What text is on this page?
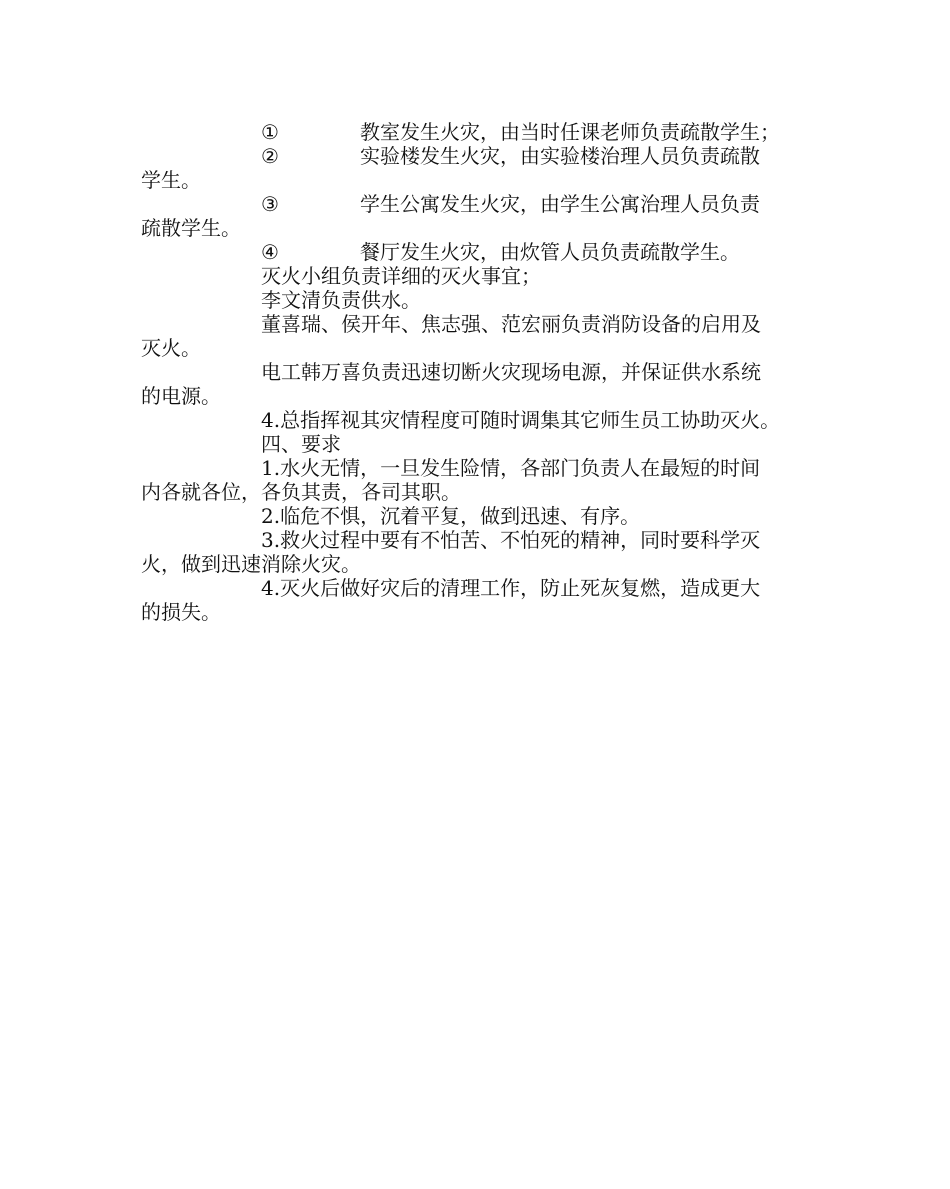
①	教室发生火灾，由当时任课老师负责疏散学生；
②	实验楼发生火灾，由实验楼治理人员负责疏散
学生。
③	学生公寓发生火灾，由学生公寓治理人员负责
疏散学生。
④	餐厅发生火灾，由炊管人员负责疏散学生。
灭火小组负责详细的灭火事宜；
李文清负责供水。
董喜瑞、侯开年、焦志强、范宏丽负责消防设备的启用及
灭火。
电工韩万喜负责迅速切断火灾现场电源，并保证供水系统
的电源。
4.总指挥视其灾情程度可随时调集其它师生员工协助灭火。
四、要求
1.水火无情，一旦发生险情，各部门负责人在最短的时间
内各就各位，各负其责，各司其职。
2.临危不惧，沉着平复，做到迅速、有序。
3.救火过程中要有不怕苦、不怕死的精神，同时要科学灭
火，做到迅速消除火灾。
4.灭火后做好灾后的清理工作，防止死灰复燃，造成更大
的损失。
